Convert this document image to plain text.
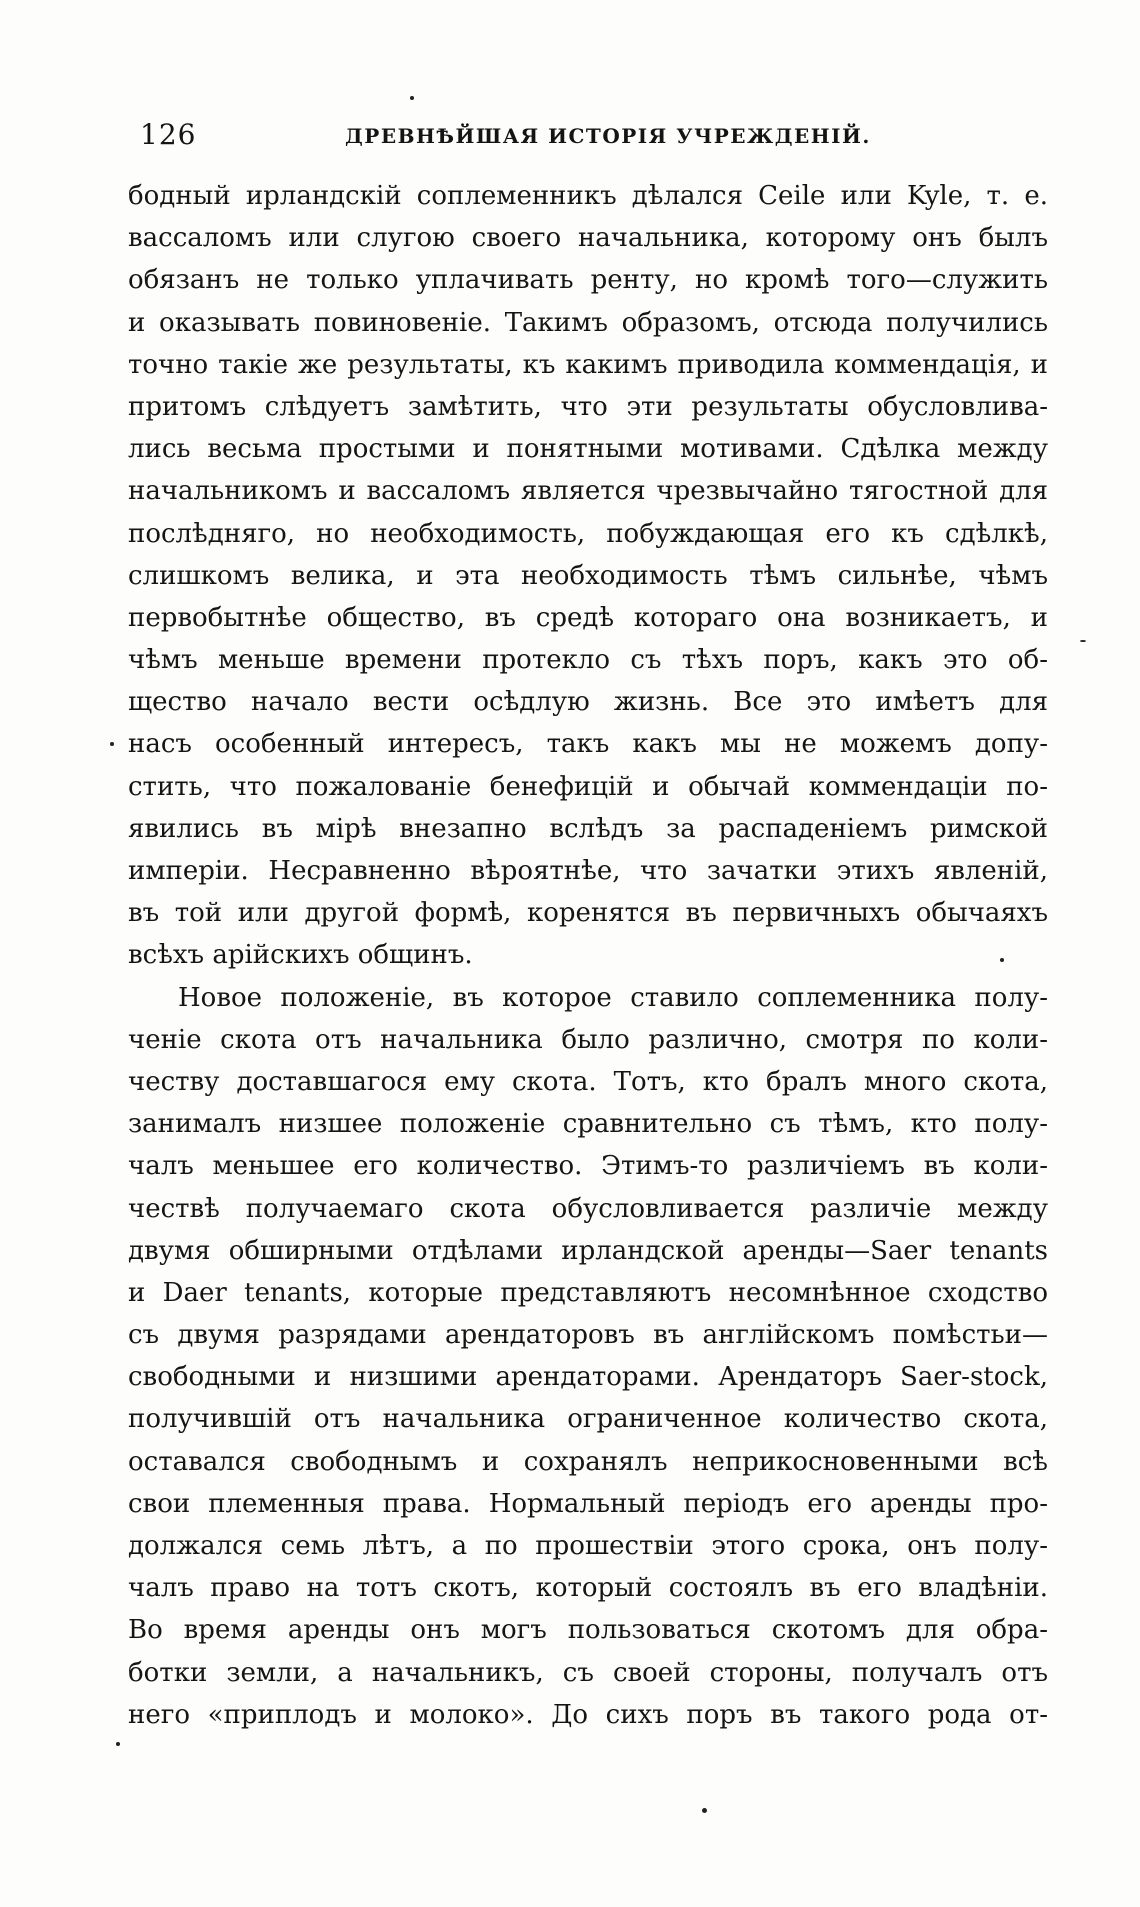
126	ДРЕВНѢЙШАЯ ИСТОРІЯ УЧРЕЖДЕНІЙ.
бодный ирландскій соплеменникъ дѣлался Ceile или Kyle, т. е.
вассаломъ или слугою своего начальника, которому онъ былъ
обязанъ не только уплачивать ренту, но кромѣ того—служить
и оказывать повиновеніе. Такимъ образомъ, отсюда получились
точно такіе же результаты, къ какимъ приводила коммендація, и
притомъ слѣдуетъ замѣтить, что эти результаты обусловлива-
лись весьма простыми и понятными мотивами. Сдѣлка между
начальникомъ и вассаломъ является чрезвычайно тягостной для
послѣдняго, но необходимость, побуждающая его къ сдѣлкѣ,
слишкомъ велика, и эта необходимость тѣмъ сильнѣе, чѣмъ
первобытнѣе общество, въ средѣ котораго она возникаетъ, и
чѣмъ меньше времени протекло съ тѣхъ поръ, какъ это об-
щество начало вести осѣдлую жизнь. Все это имѣетъ для
насъ особенный интересъ, такъ какъ мы не можемъ допу-
стить, что пожалованіе бенефицій и обычай коммендаціи по-
явились въ мірѣ внезапно вслѣдъ за распаденіемъ римской
имперіи. Несравненно вѣроятнѣе, что зачатки этихъ явленій,
въ той или другой формѣ, коренятся въ первичныхъ обычаяхъ
всѣхъ арійскихъ общинъ.
Новое положеніе, въ которое ставило соплеменника полу-
ченіе скота отъ начальника было различно, смотря по коли-
честву доставшагося ему скота. Тотъ, кто бралъ много скота,
занималъ низшее положеніе сравнительно съ тѣмъ, кто полу-
чалъ меньшее его количество. Этимъ-то различіемъ въ коли-
чествѣ получаемаго скота обусловливается различіе между
двумя обширными отдѣлами ирландской аренды—Saer tenants
и Daer tenants, которые представляютъ несомнѣнное сходство
съ двумя разрядами арендаторовъ въ англійскомъ помѣстьи—
свободными и низшими арендаторами. Арендаторъ Saer-stock,
получившій отъ начальника ограниченное количество скота,
оставался свободнымъ и сохранялъ неприкосновенными всѣ
свои племенныя права. Нормальный періодъ его аренды про-
должался семь лѣтъ, а по прошествіи этого срока, онъ полу-
чалъ право на тотъ скотъ, который состоялъ въ его владѣніи.
Во время аренды онъ могъ пользоваться скотомъ для обра-
ботки земли, а начальникъ, съ своей стороны, получалъ отъ
него «приплодъ и молоко». До сихъ поръ въ такого рода от-
